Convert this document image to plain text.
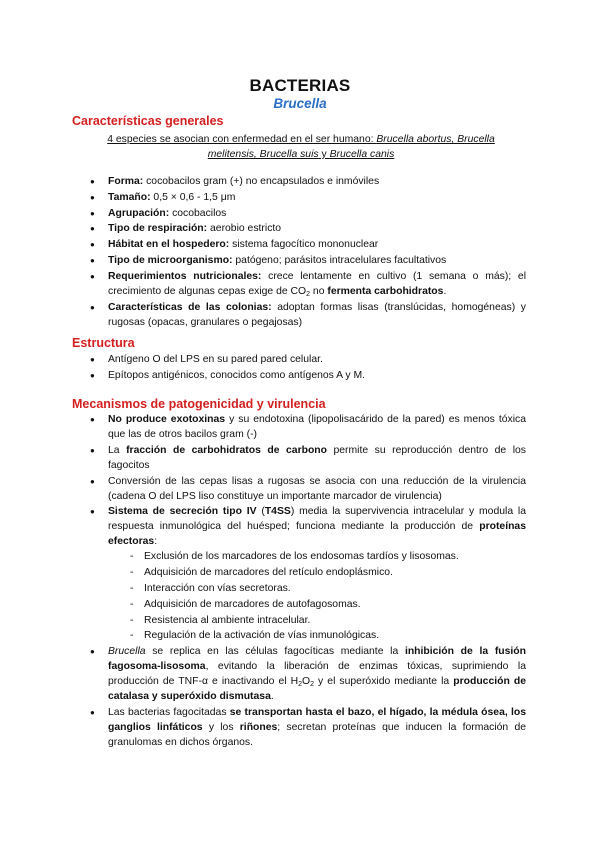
BACTERIAS
Brucella
Características generales
4 especies se asocian con enfermedad en el ser humano: Brucella abortus, Brucella melitensis, Brucella suis y Brucella canis
● Forma: cocobacilos gram (+) no encapsulados e inmóviles
● Tamaño: 0,5 × 0,6 - 1,5 μm
● Agrupación: cocobacilos
● Tipo de respiración: aerobio estricto
● Hábitat en el hospedero: sistema fagocítico mononuclear
● Tipo de microorganismo: patógeno; parásitos intracelulares facultativos
● Requerimientos nutricionales: crece lentamente en cultivo (1 semana o más); el crecimiento de algunas cepas exige de $CO_2$ no fermenta carbohidratos.
● Características de las colonias: adoptan formas lisas (translúcidas, homogéneas) y rugosas (opacas, granulares o pegajosas)
Estructura
● Antígeno O del LPS en su pared pared celular.
● Epítopos antigénicos, conocidos como antígenos A y M.
Mecanismos de patogenicidad y virulencia
● No produce exotoxinas y su endotoxina (lipopolisacárido de la pared) es menos tóxica que las de otros bacilos gram (-)
● La fracción de carbohidratos de carbono permite su reproducción dentro de los fagocitos
● Conversión de las cepas lisas a rugosas se asocia con una reducción de la virulencia (cadena O del LPS liso constituye un importante marcador de virulencia)
● Sistema de secreción tipo IV (T4SS) media la supervivencia intracelular y modula la respuesta inmunológica del huésped; funciona mediante la producción de proteínas efectoras:
- Exclusión de los marcadores de los endosomas tardíos y lisosomas.
- Adquisición de marcadores del retículo endoplásmico.
- Interacción con vías secretoras.
- Adquisición de marcadores de autofagosomas.
- Resistencia al ambiente intracelular.
- Regulación de la activación de vías inmunológicas.
● Brucella se replica en las células fagocíticas mediante la inhibición de la fusión fagosoma-lisosoma, evitando la liberación de enzimas tóxicas, suprimiendo la producción de TNF-α e inactivando el $H_2O_2$ y el superóxido mediante la producción de catalasa y superóxido dismutasa.
● Las bacterias fagocitadas se transportan hasta el bazo, el hígado, la médula ósea, los ganglios linfáticos y los riñones; secretan proteínas que inducen la formación de granulomas en dichos órganos.
